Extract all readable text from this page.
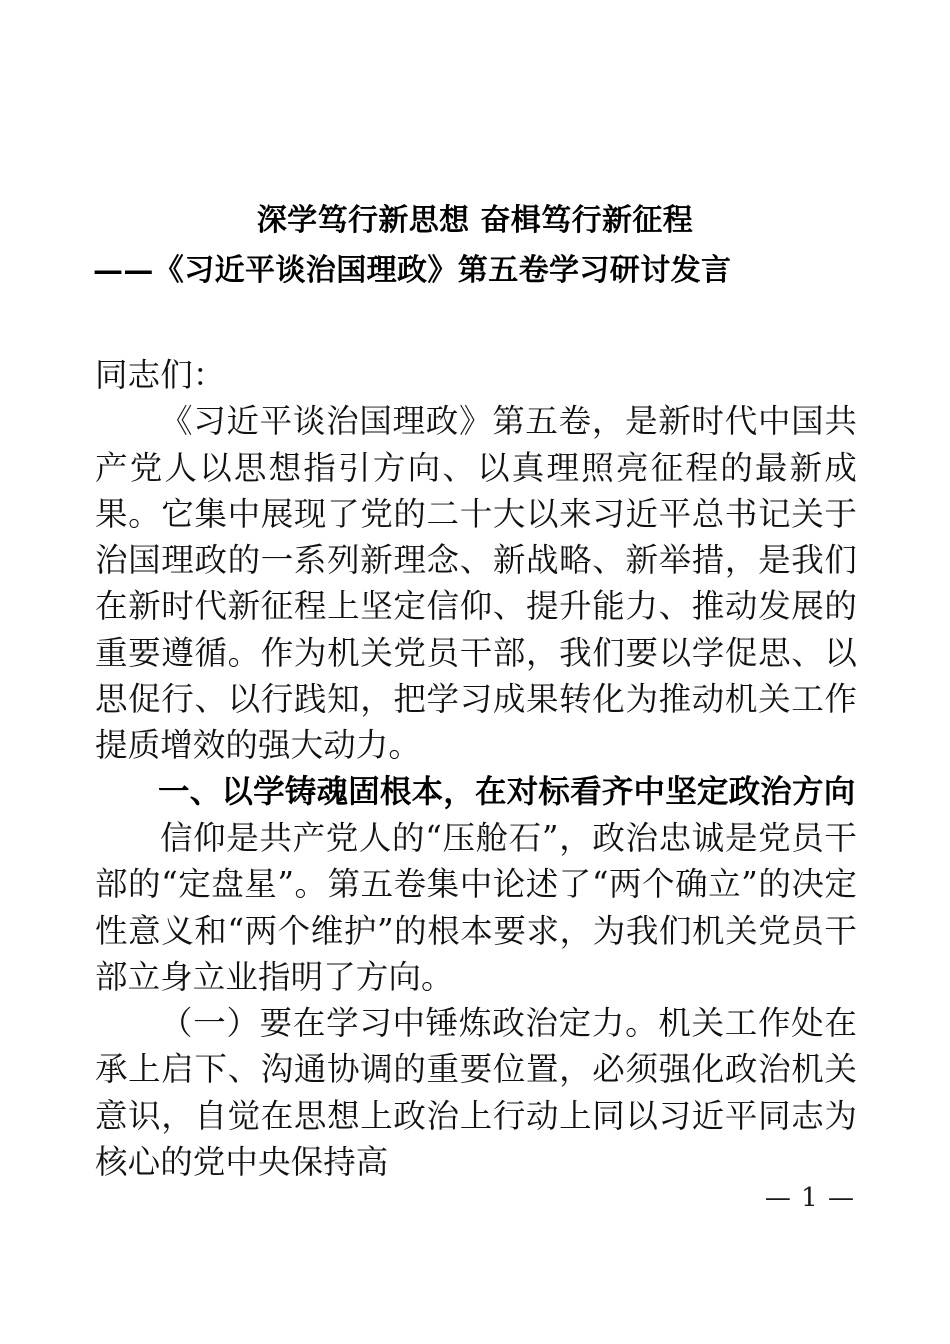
深学笃行新思想 奋楫笃行新征程
——《习近平谈治国理政》第五卷学习研讨发言

同志们：

《习近平谈治国理政》第五卷，是新时代中国共产党人以思想指引方向、以真理照亮征程的最新成果。它集中展现了党的二十大以来习近平总书记关于治国理政的一系列新理念、新战略、新举措，是我们在新时代新征程上坚定信仰、提升能力、推动发展的重要遵循。作为机关党员干部，我们要以学促思、以思促行、以行践知，把学习成果转化为推动机关工作提质增效的强大动力。

一、以学铸魂固根本，在对标看齐中坚定政治方向

信仰是共产党人的“压舱石”，政治忠诚是党员干部的“定盘星”。第五卷集中论述了“两个确立”的决定性意义和“两个维护”的根本要求，为我们机关党员干部立身立业指明了方向。

（一）要在学习中锤炼政治定力。机关工作处在承上启下、沟通协调的重要位置，必须强化政治机关意识，自觉在思想上政治上行动上同以习近平同志为核心的党中央保持高

— 1 —
